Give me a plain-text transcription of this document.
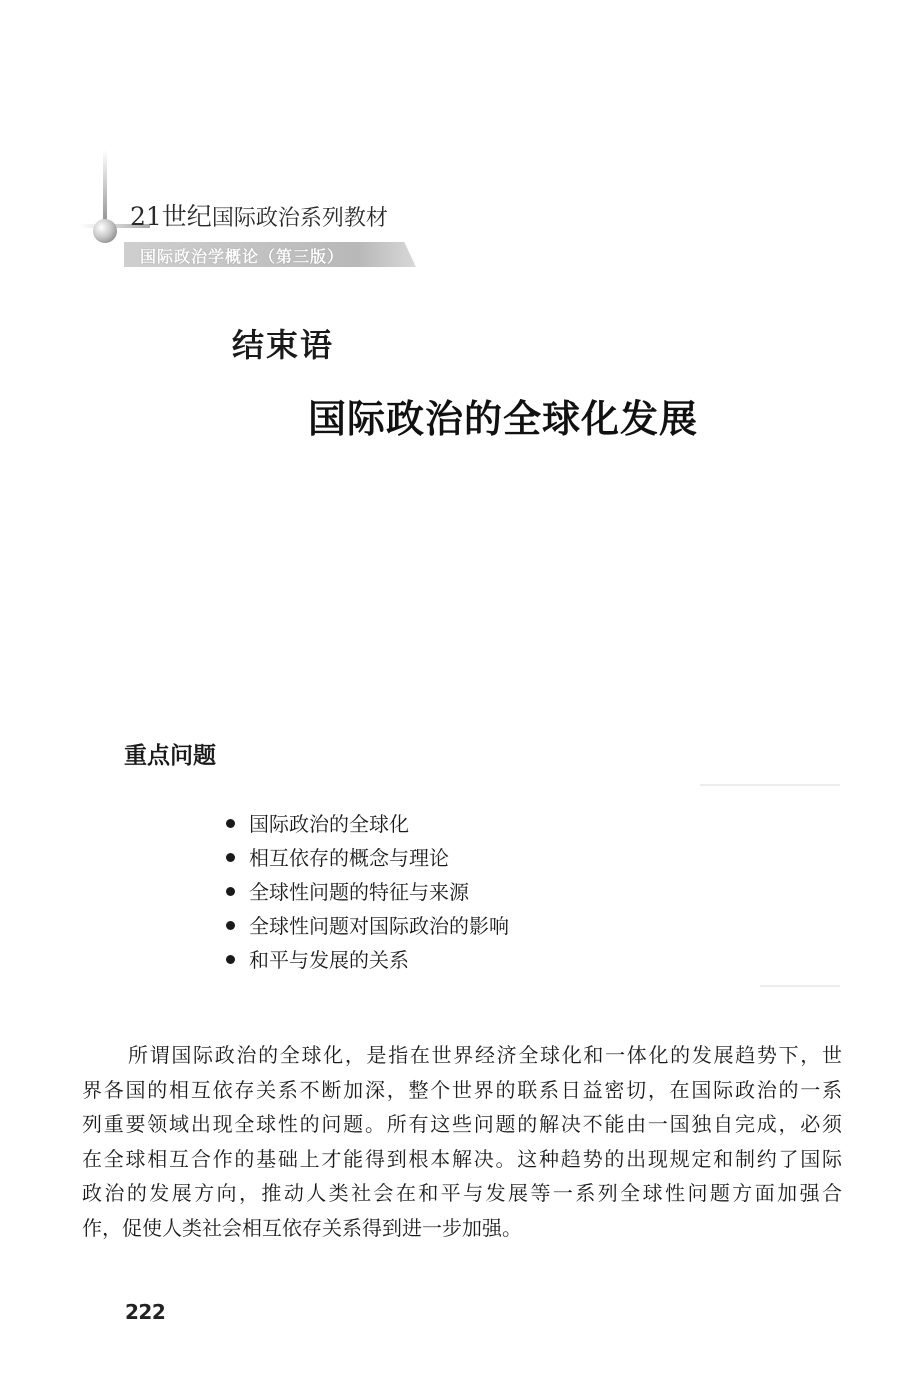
21世纪国际政治系列教材
国际政治学概论（第三版）
结束语
国际政治的全球化发展
重点问题
国际政治的全球化
相互依存的概念与理论
全球性问题的特征与来源
全球性问题对国际政治的影响
和平与发展的关系
所谓国际政治的全球化，是指在世界经济全球化和一体化的发展趋势下，世
界各国的相互依存关系不断加深，整个世界的联系日益密切，在国际政治的一系
列重要领域出现全球性的问题。所有这些问题的解决不能由一国独自完成，必须
在全球相互合作的基础上才能得到根本解决。这种趋势的出现规定和制约了国际
政治的发展方向，推动人类社会在和平与发展等一系列全球性问题方面加强合
作，促使人类社会相互依存关系得到进一步加强。
222
